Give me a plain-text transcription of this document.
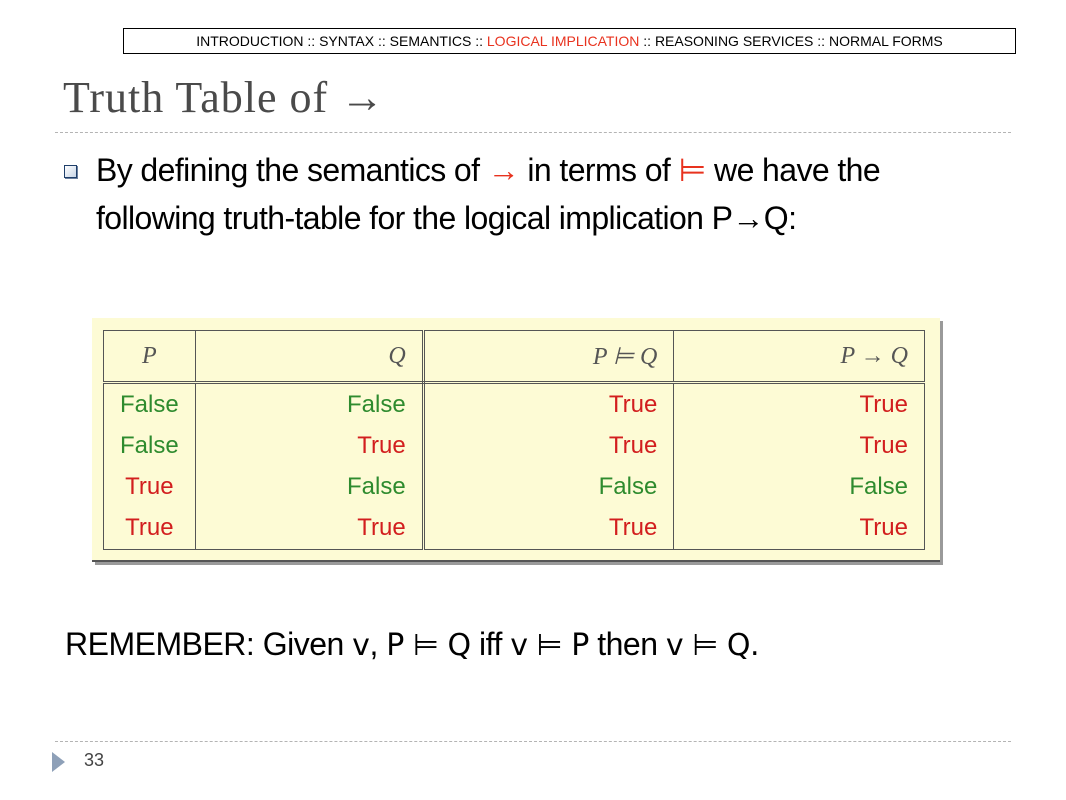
INTRODUCTION :: SYNTAX :: SEMANTICS :: LOGICAL IMPLICATION :: REASONING SERVICES :: NORMAL FORMS
Truth Table of →
By defining the semantics of → in terms of ⊨ we have the
following truth-table for the logical implication P→Q:
P	Q	P ⊨ Q	P → Q
False	False	True	True
False	True	True	True
True	False	False	False
True	True	True	True
REMEMBER: Given v, P ⊨ Q iff v ⊨ P then v ⊨ Q.
33
